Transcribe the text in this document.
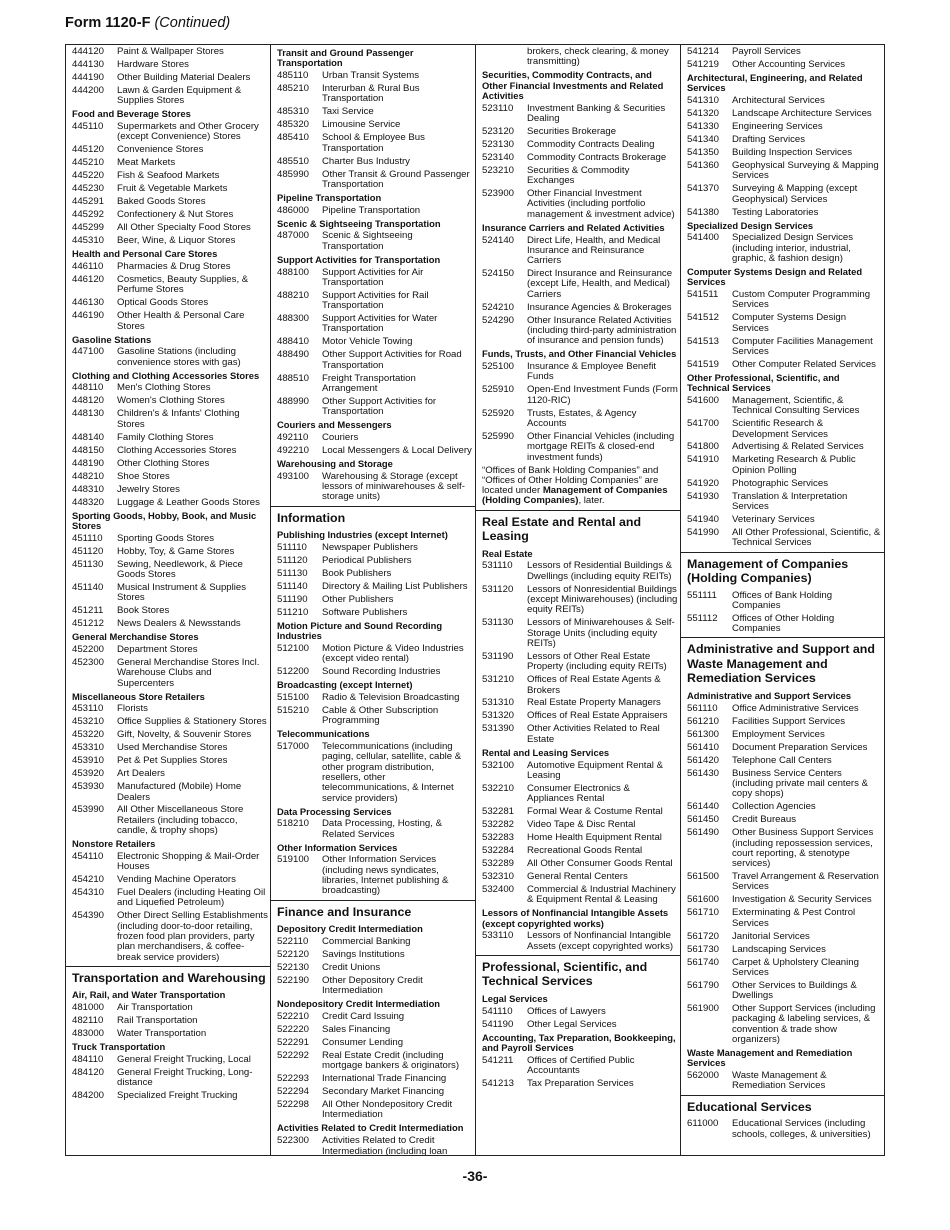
Form 1120-F (Continued)
444120	Paint & Wallpaper Stores
444130	Hardware Stores
444190	Other Building Material Dealers
444200	Lawn & Garden Equipment & Supplies Stores
Food and Beverage Stores
445110	Supermarkets and Other Grocery (except Convenience) Stores
445120	Convenience Stores
445210	Meat Markets
445220	Fish & Seafood Markets
445230	Fruit & Vegetable Markets
445291	Baked Goods Stores
445292	Confectionery & Nut Stores
445299	All Other Specialty Food Stores
445310	Beer, Wine, & Liquor Stores
Health and Personal Care Stores
446110	Pharmacies & Drug Stores
446120	Cosmetics, Beauty Supplies, & Perfume Stores
446130	Optical Goods Stores
446190	Other Health & Personal Care Stores
Gasoline Stations
447100	Gasoline Stations (including convenience stores with gas)
Clothing and Clothing Accessories Stores
448110	Men's Clothing Stores
448120	Women's Clothing Stores
448130	Children's & Infants' Clothing Stores
448140	Family Clothing Stores
448150	Clothing Accessories Stores
448190	Other Clothing Stores
448210	Shoe Stores
448310	Jewelry Stores
448320	Luggage & Leather Goods Stores
Sporting Goods, Hobby, Book, and Music Stores
451110	Sporting Goods Stores
451120	Hobby, Toy, & Game Stores
451130	Sewing, Needlework, & Piece Goods Stores
451140	Musical Instrument & Supplies Stores
451211	Book Stores
451212	News Dealers & Newsstands
General Merchandise Stores
452200	Department Stores
452300	General Merchandise Stores Incl. Warehouse Clubs and Supercenters
Miscellaneous Store Retailers
453110	Florists
453210	Office Supplies & Stationery Stores
453220	Gift, Novelty, & Souvenir Stores
453310	Used Merchandise Stores
453910	Pet & Pet Supplies Stores
453920	Art Dealers
453930	Manufactured (Mobile) Home Dealers
453990	All Other Miscellaneous Store Retailers (including tobacco, candle, & trophy shops)
Nonstore Retailers
454110	Electronic Shopping & Mail-Order Houses
454210	Vending Machine Operators
454310	Fuel Dealers (including Heating Oil and Liquefied Petroleum)
454390	Other Direct Selling Establishments (including door-to-door retailing, frozen food plan providers, party plan merchandisers, & coffee-break service providers)
Transportation and Warehousing
Air, Rail, and Water Transportation
481000	Air Transportation
482110	Rail Transportation
483000	Water Transportation
Truck Transportation
484110	General Freight Trucking, Local
484120	General Freight Trucking, Long-distance
484200	Specialized Freight Trucking
Transit and Ground Passenger Transportation
485110	Urban Transit Systems
485210	Interurban & Rural Bus Transportation
485310	Taxi Service
485320	Limousine Service
485410	School & Employee Bus Transportation
485510	Charter Bus Industry
485990	Other Transit & Ground Passenger Transportation
Pipeline Transportation
486000	Pipeline Transportation
Scenic & Sightseeing Transportation
487000	Scenic & Sightseeing Transportation
Support Activities for Transportation
488100	Support Activities for Air Transportation
488210	Support Activities for Rail Transportation
488300	Support Activities for Water Transportation
488410	Motor Vehicle Towing
488490	Other Support Activities for Road Transportation
488510	Freight Transportation Arrangement
488990	Other Support Activities for Transportation
Couriers and Messengers
492110	Couriers
492210	Local Messengers & Local Delivery
Warehousing and Storage
493100	Warehousing & Storage (except lessors of miniwarehouses & self-storage units)
Information
Publishing Industries (except Internet)
511110	Newspaper Publishers
511120	Periodical Publishers
511130	Book Publishers
511140	Directory & Mailing List Publishers
511190	Other Publishers
511210	Software Publishers
Motion Picture and Sound Recording Industries
512100	Motion Picture & Video Industries (except video rental)
512200	Sound Recording Industries
Broadcasting (except Internet)
515100	Radio & Television Broadcasting
515210	Cable & Other Subscription Programming
Telecommunications
517000	Telecommunications (including paging, cellular, satellite, cable & other program distribution, resellers, other telecommunications, & Internet service providers)
Data Processing Services
518210	Data Processing, Hosting, & Related Services
Other Information Services
519100	Other Information Services (including news syndicates, libraries, Internet publishing & broadcasting)
Finance and Insurance
Depository Credit Intermediation
522110	Commercial Banking
522120	Savings Institutions
522130	Credit Unions
522190	Other Depository Credit Intermediation
Nondepository Credit Intermediation
522210	Credit Card Issuing
522220	Sales Financing
522291	Consumer Lending
522292	Real Estate Credit (including mortgage bankers & originators)
522293	International Trade Financing
522294	Secondary Market Financing
522298	All Other Nondepository Credit Intermediation
Activities Related to Credit Intermediation
522300	Activities Related to Credit Intermediation (including loan
brokers, check clearing, & money transmitting)
Securities, Commodity Contracts, and Other Financial Investments and Related Activities
523110	Investment Banking & Securities Dealing
523120	Securities Brokerage
523130	Commodity Contracts Dealing
523140	Commodity Contracts Brokerage
523210	Securities & Commodity Exchanges
523900	Other Financial Investment Activities (including portfolio management & investment advice)
Insurance Carriers and Related Activities
524140	Direct Life, Health, and Medical Insurance and Reinsurance Carriers
524150	Direct Insurance and Reinsurance (except Life, Health, and Medical) Carriers
524210	Insurance Agencies & Brokerages
524290	Other Insurance Related Activities (including third-party administration of insurance and pension funds)
Funds, Trusts, and Other Financial Vehicles
525100	Insurance & Employee Benefit Funds
525910	Open-End Investment Funds (Form 1120-RIC)
525920	Trusts, Estates, & Agency Accounts
525990	Other Financial Vehicles (including mortgage REITs & closed-end investment funds)
“Offices of Bank Holding Companies” and “Offices of Other Holding Companies” are located under Management of Companies (Holding Companies), later.
Real Estate and Rental and Leasing
Real Estate
531110	Lessors of Residential Buildings & Dwellings (including equity REITs)
531120	Lessors of Nonresidential Buildings (except Miniwarehouses) (including equity REITs)
531130	Lessors of Miniwarehouses & Self-Storage Units (including equity REITs)
531190	Lessors of Other Real Estate Property (including equity REITs)
531210	Offices of Real Estate Agents & Brokers
531310	Real Estate Property Managers
531320	Offices of Real Estate Appraisers
531390	Other Activities Related to Real Estate
Rental and Leasing Services
532100	Automotive Equipment Rental & Leasing
532210	Consumer Electronics & Appliances Rental
532281	Formal Wear & Costume Rental
532282	Video Tape & Disc Rental
532283	Home Health Equipment Rental
532284	Recreational Goods Rental
532289	All Other Consumer Goods Rental
532310	General Rental Centers
532400	Commercial & Industrial Machinery & Equipment Rental & Leasing
Lessors of Nonfinancial Intangible Assets (except copyrighted works)
533110	Lessors of Nonfinancial Intangible Assets (except copyrighted works)
Professional, Scientific, and Technical Services
Legal Services
541110	Offices of Lawyers
541190	Other Legal Services
Accounting, Tax Preparation, Bookkeeping, and Payroll Services
541211	Offices of Certified Public Accountants
541213	Tax Preparation Services
541214	Payroll Services
541219	Other Accounting Services
Architectural, Engineering, and Related Services
541310	Architectural Services
541320	Landscape Architecture Services
541330	Engineering Services
541340	Drafting Services
541350	Building Inspection Services
541360	Geophysical Surveying & Mapping Services
541370	Surveying & Mapping (except Geophysical) Services
541380	Testing Laboratories
Specialized Design Services
541400	Specialized Design Services (including interior, industrial, graphic, & fashion design)
Computer Systems Design and Related Services
541511	Custom Computer Programming Services
541512	Computer Systems Design Services
541513	Computer Facilities Management Services
541519	Other Computer Related Services
Other Professional, Scientific, and Technical Services
541600	Management, Scientific, & Technical Consulting Services
541700	Scientific Research & Development Services
541800	Advertising & Related Services
541910	Marketing Research & Public Opinion Polling
541920	Photographic Services
541930	Translation & Interpretation Services
541940	Veterinary Services
541990	All Other Professional, Scientific, & Technical Services
Management of Companies (Holding Companies)
551111	Offices of Bank Holding Companies
551112	Offices of Other Holding Companies
Administrative and Support and Waste Management and Remediation Services
Administrative and Support Services
561110	Office Administrative Services
561210	Facilities Support Services
561300	Employment Services
561410	Document Preparation Services
561420	Telephone Call Centers
561430	Business Service Centers (including private mail centers & copy shops)
561440	Collection Agencies
561450	Credit Bureaus
561490	Other Business Support Services (including repossession services, court reporting, & stenotype services)
561500	Travel Arrangement & Reservation Services
561600	Investigation & Security Services
561710	Exterminating & Pest Control Services
561720	Janitorial Services
561730	Landscaping Services
561740	Carpet & Upholstery Cleaning Services
561790	Other Services to Buildings & Dwellings
561900	Other Support Services (including packaging & labeling services, & convention & trade show organizers)
Waste Management and Remediation Services
562000	Waste Management & Remediation Services
Educational Services
611000	Educational Services (including schools, colleges, & universities)
-36-
